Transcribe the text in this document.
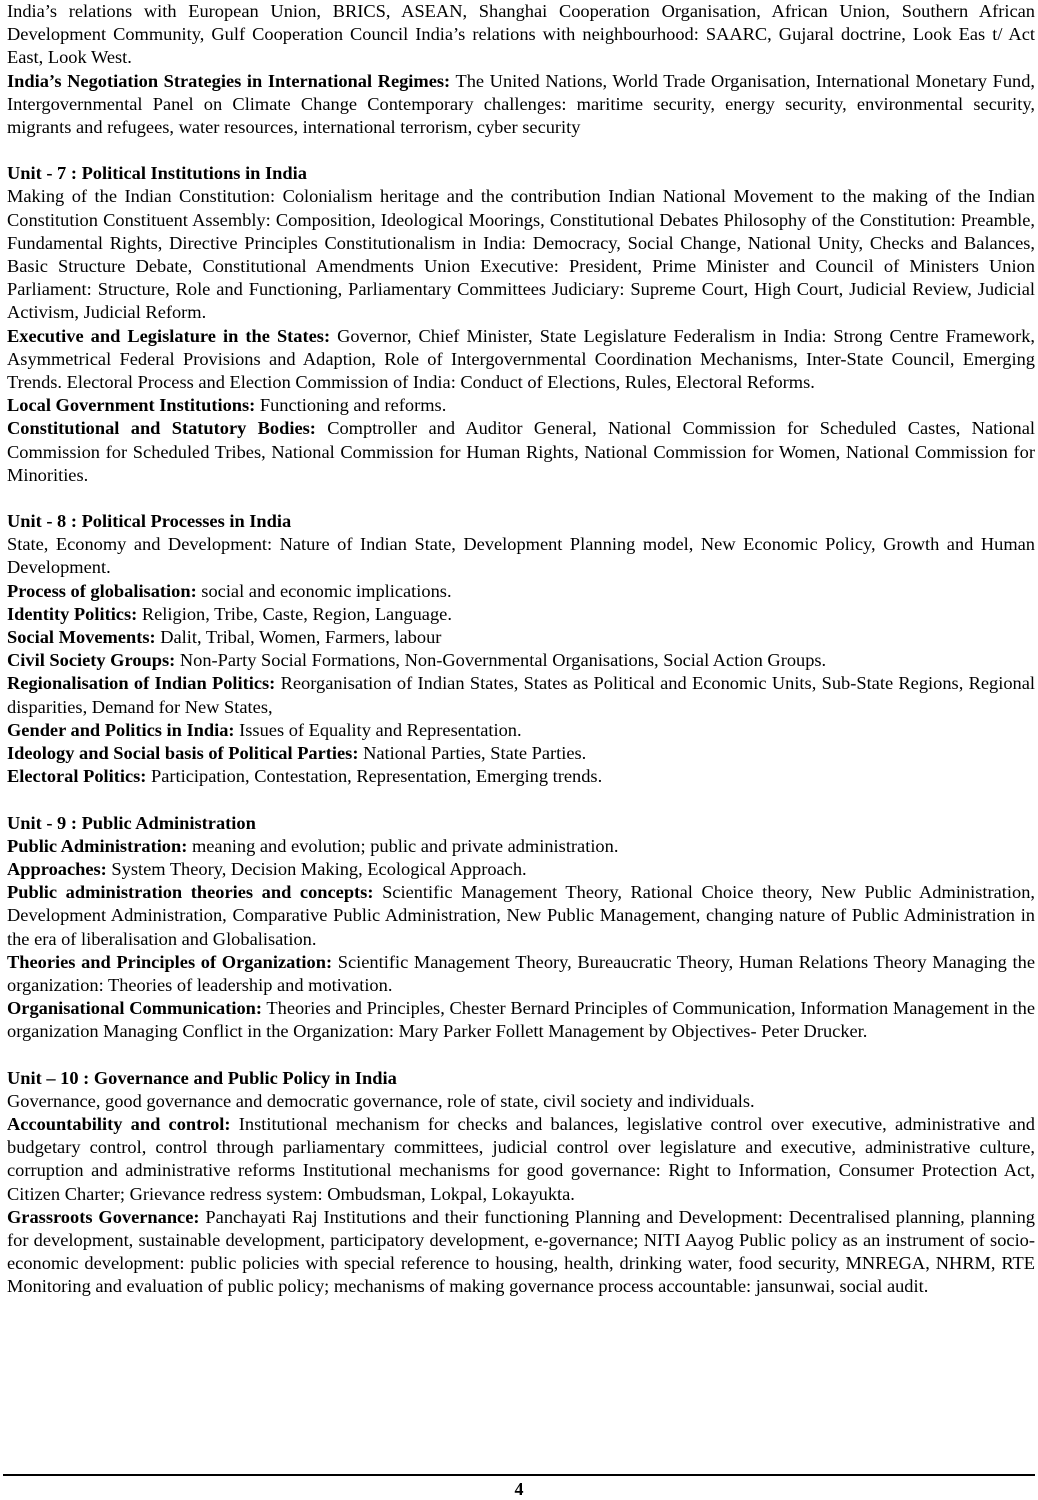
India’s relations with European Union, BRICS, ASEAN, Shanghai Cooperation Organisation, African Union, Southern African Development Community, Gulf Cooperation Council India’s relations with neighbourhood: SAARC, Gujaral doctrine, Look Eas t/ Act East, Look West.

India’s Negotiation Strategies in International Regimes: The United Nations, World Trade Organisation, International Monetary Fund, Intergovernmental Panel on Climate Change Contemporary challenges: maritime security, energy security, environmental security, migrants and refugees, water resources, international terrorism, cyber security

Unit - 7 : Political Institutions in India

Making of the Indian Constitution: Colonialism heritage and the contribution Indian National Movement to the making of the Indian Constitution Constituent Assembly: Composition, Ideological Moorings, Constitutional Debates Philosophy of the Constitution: Preamble, Fundamental Rights, Directive Principles Constitutionalism in India: Democracy, Social Change, National Unity, Checks and Balances, Basic Structure Debate, Constitutional Amendments Union Executive: President, Prime Minister and Council of Ministers Union Parliament: Structure, Role and Functioning, Parliamentary Committees Judiciary: Supreme Court, High Court, Judicial Review, Judicial Activism, Judicial Reform.

Executive and Legislature in the States: Governor, Chief Minister, State Legislature Federalism in India: Strong Centre Framework, Asymmetrical Federal Provisions and Adaption, Role of Intergovernmental Coordination Mechanisms, Inter-State Council, Emerging Trends. Electoral Process and Election Commission of India: Conduct of Elections, Rules, Electoral Reforms.

Local Government Institutions: Functioning and reforms.

Constitutional and Statutory Bodies: Comptroller and Auditor General, National Commission for Scheduled Castes, National Commission for Scheduled Tribes, National Commission for Human Rights, National Commission for Women, National Commission for Minorities.

Unit - 8 : Political Processes in India

State, Economy and Development: Nature of Indian State, Development Planning model, New Economic Policy, Growth and Human Development.

Process of globalisation: social and economic implications.

Identity Politics: Religion, Tribe, Caste, Region, Language.

Social Movements: Dalit, Tribal, Women, Farmers, labour

Civil Society Groups: Non-Party Social Formations, Non-Governmental Organisations, Social Action Groups.

Regionalisation of Indian Politics: Reorganisation of Indian States, States as Political and Economic Units, Sub-State Regions, Regional disparities, Demand for New States,

Gender and Politics in India: Issues of Equality and Representation.

Ideology and Social basis of Political Parties: National Parties, State Parties.

Electoral Politics: Participation, Contestation, Representation, Emerging trends.

Unit - 9 : Public Administration

Public Administration: meaning and evolution; public and private administration.

Approaches: System Theory, Decision Making, Ecological Approach.

Public administration theories and concepts: Scientific Management Theory, Rational Choice theory, New Public Administration, Development Administration, Comparative Public Administration, New Public Management, changing nature of Public Administration in the era of liberalisation and Globalisation.

Theories and Principles of Organization: Scientific Management Theory, Bureaucratic Theory, Human Relations Theory Managing the organization: Theories of leadership and motivation.

Organisational Communication: Theories and Principles, Chester Bernard Principles of Communication, Information Management in the organization Managing Conflict in the Organization: Mary Parker Follett Management by Objectives- Peter Drucker.

Unit – 10 : Governance and Public Policy in India

Governance, good governance and democratic governance, role of state, civil society and individuals.

Accountability and control: Institutional mechanism for checks and balances, legislative control over executive, administrative and budgetary control, control through parliamentary committees, judicial control over legislature and executive, administrative culture, corruption and administrative reforms Institutional mechanisms for good governance: Right to Information, Consumer Protection Act, Citizen Charter; Grievance redress system: Ombudsman, Lokpal, Lokayukta.

Grassroots Governance: Panchayati Raj Institutions and their functioning Planning and Development: Decentralised planning, planning for development, sustainable development, participatory development, e-governance; NITI Aayog Public policy as an instrument of socio-economic development: public policies with special reference to housing, health, drinking water, food security, MNREGA, NHRM, RTE Monitoring and evaluation of public policy; mechanisms of making governance process accountable: jansunwai, social audit.

4
